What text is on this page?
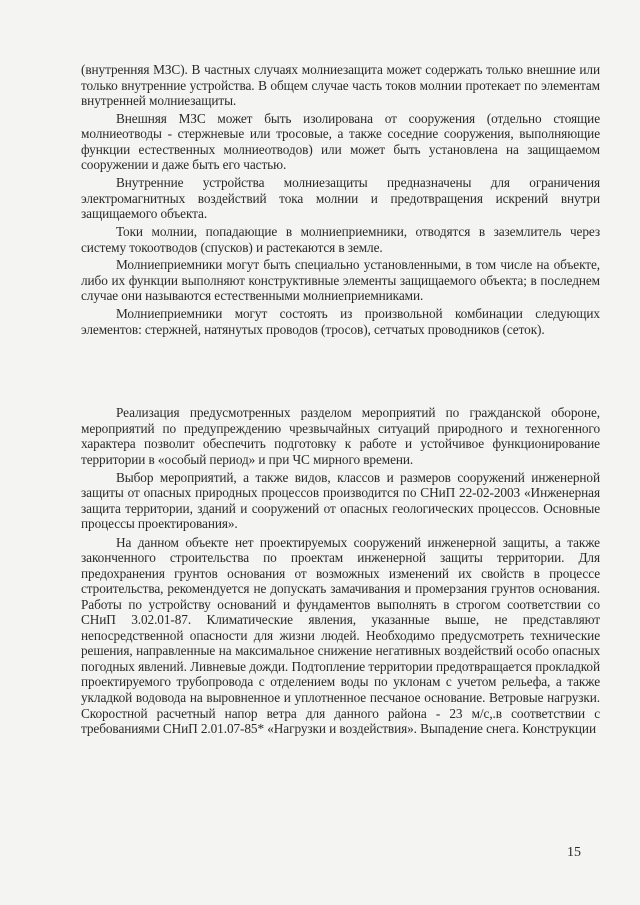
(внутренняя МЗС). В частных случаях молниезащита может содержать только внешние или только внутренние устройства. В общем случае часть токов молнии протекает по элементам внутренней молниезащиты.

Внешняя МЗС может быть изолирована от сооружения (отдельно стоящие молниеотводы - стержневые или тросовые, а также соседние сооружения, выполняющие функции естественных молниеотводов) или может быть установлена на защищаемом сооружении и даже быть его частью.

Внутренние устройства молниезащиты предназначены для ограничения электромагнитных воздействий тока молнии и предотвращения искрений внутри защищаемого объекта.

Токи молнии, попадающие в молниеприемники, отводятся в заземлитель через систему токоотводов (спусков) и растекаются в земле.

Молниеприемники могут быть специально установленными, в том числе на объекте, либо их функции выполняют конструктивные элементы защищаемого объекта; в последнем случае они называются естественными молниеприемниками.

Молниеприемники могут состоять из произвольной комбинации следующих элементов: стержней, натянутых проводов (тросов), сетчатых проводников (сеток).

Реализация предусмотренных разделом мероприятий по гражданской обороне, мероприятий по предупреждению чрезвычайных ситуаций природного и техногенного характера позволит обеспечить подготовку к работе и устойчивое функционирование территории в «особый период» и при ЧС мирного времени.

Выбор мероприятий, а также видов, классов и размеров сооружений инженерной защиты от опасных природных процессов производится по СНиП 22-02-2003 «Инженерная защита территории, зданий и сооружений от опасных геологических процессов. Основные процессы проектирования».

На данном объекте нет проектируемых сооружений инженерной защиты, а также законченного строительства по проектам инженерной защиты территории. Для предохранения грунтов основания от возможных изменений их свойств в процессе строительства, рекомендуется не допускать замачивания и промерзания грунтов основания. Работы по устройству оснований и фундаментов выполнять в строгом соответствии со СНиП 3.02.01-87. Климатические явления, указанные выше, не представляют непосредственной опасности для жизни людей. Необходимо предусмотреть технические решения, направленные на максимальное снижение негативных воздействий особо опасных погодных явлений. Ливневые дожди. Подтопление территории предотвращается прокладкой проектируемого трубопровода с отделением воды по уклонам с учетом рельефа, а также укладкой водовода на выровненное и уплотненное песчаное основание. Ветровые нагрузки. Скоростной расчетный напор ветра для данного района - 23 м/с,.в соответствии с требованиями СНиП 2.01.07-85* «Нагрузки и воздействия». Выпадение снега. Конструкции

15
